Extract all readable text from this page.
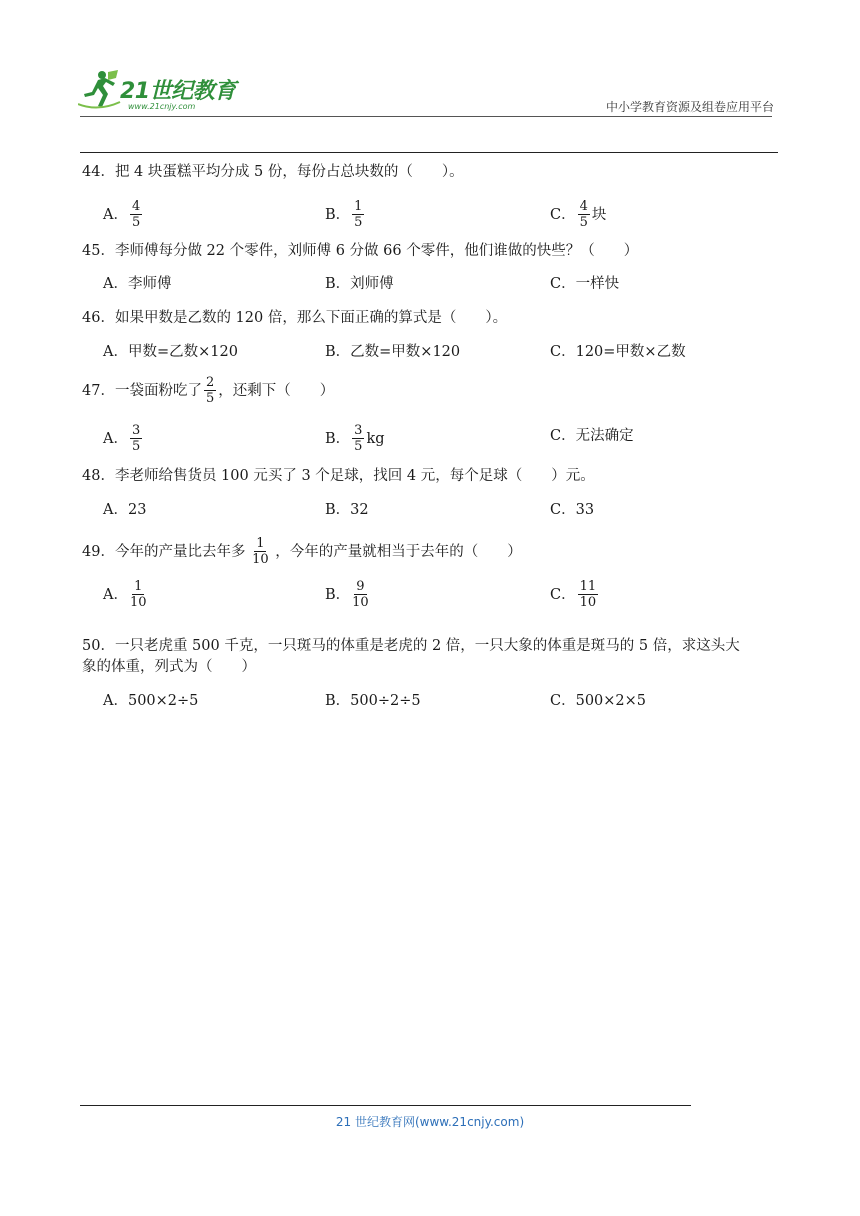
21世纪教育
www.21cnjy.com	中小学教育资源及组卷应用平台
44．把 4 块蛋糕平均分成 5 份，每份占总块数的（　　）。
A． $\frac{4}{5}$	B． $\frac{1}{5}$	C． $\frac{4}{5}$ 块
45．李师傅每分做 22 个零件，刘师傅 6 分做 66 个零件，他们谁做的快些？（　　）
A． 李师傅	B． 刘师傅	C． 一样快
46．如果甲数是乙数的 120 倍，那么下面正确的算式是（　　）。
A． 甲数=乙数×120	B． 乙数=甲数×120	C． 120=甲数×乙数
47．一袋面粉吃了 $\frac{2}{5}$ ，还剩下（　　）
A． $\frac{3}{5}$	B． $\frac{3}{5}$ kg	C． 无法确定
48．李老师给售货员 100 元买了 3 个足球，找回 4 元，每个足球（　　）元。
A． 23	B． 32	C． 33
49．今年的产量比去年多 $\frac{1}{10}$ ，今年的产量就相当于去年的（　　）
A． $\frac{1}{10}$	B． $\frac{9}{10}$	C． $\frac{11}{10}$
50．一只老虎重 500 千克，一只斑马的体重是老虎的 2 倍，一只大象的体重是斑马的 5 倍，求这头大
象的体重，列式为（　　）
A． 500×2÷5	B． 500÷2÷5	C． 500×2×5
21 世纪教育网(www.21cnjy.com)
